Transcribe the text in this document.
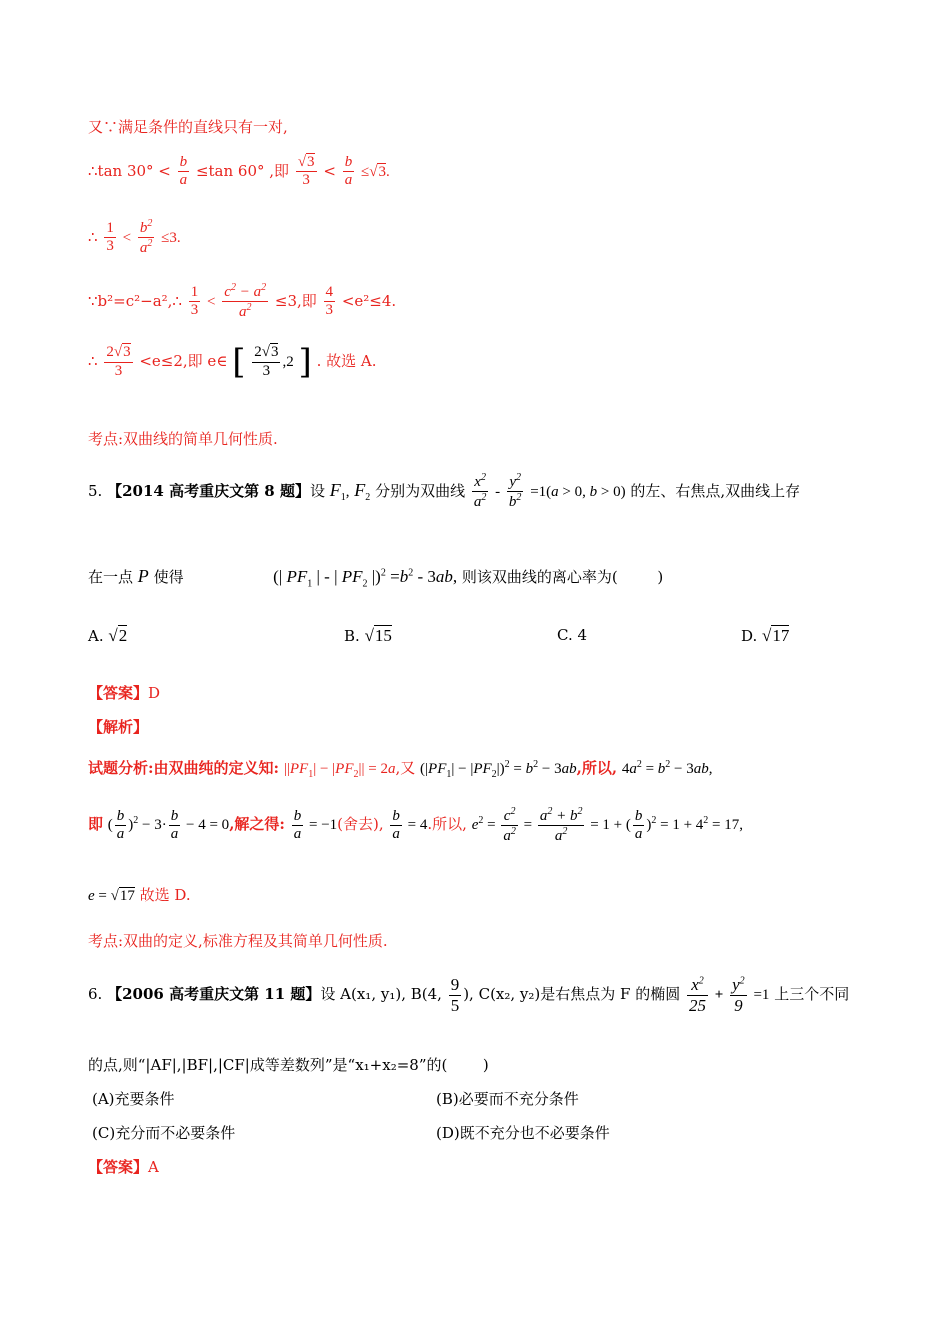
又∵满足条件的直线只有一对,
∴tan $30^\circ < \frac{b}{a} \le\tan$ 60° ,即 $\frac{√3}{3} < \frac{b}{a} \le√3$.
∴ $\frac{1}{3} < \frac{b^2}{a^2} \le 3$.
∵b²=c²−a²,∴ $\frac{1}{3} < \frac{c^2 - a^2}{a^2} \le 3$,即 $\frac{4}{3} <e^2\le 4$.
∴ $\frac{2√3}{3} <e\le 2$,即 e∈ [ $\frac{2√3}{3} ,2$ ] . 故选 A.
考点:双曲线的简单几何性质.
5. 【2014 高考重庆文第 8 题】设 $F_1$, $F_2$ 分别为双曲线 $\frac{x^2}{a^2} - \frac{y^2}{b^2} =1(a > 0$, b > 0) 的左、右焦点,双曲线上存
在一点 P 使得	(| $PF_1$ | - | $PF_2$ $|)^2 =b^2 - 3ab$, 则该双曲线的离心率为(	)
A. √2	B. √15	C. 4	D. √17
【答案】D
【解析】
试题分析:由双曲纯的定义知: $||PF_1| - |PF_2|| = 2a$,又 $(|PF_1| - |PF_2|)^2 = b^2 - 3ab$,所以, $4a^2 = b^2 - 3ab$,
即 ( $\frac{b}{a} )^2 - 3\cdot \frac{b}{a} - 4 = 0$,解之得: $\frac{b}{a} = -1$(舍去), $\frac{b}{a} = 4$.所以, $e^2 = \frac{c^2}{a^2} = \frac{a^2 + b^2}{a^2} = 1$ + ( $\frac{b}{a} )^2 = 1 + 4^2 = 17$,
e = √17 故选 D.
考点:双曲的定义,标准方程及其简单几何性质.
6. 【2006 高考重庆文第 11 题】设 A(x₁, y₁), B(4, $\frac{9}{5}$ ), C(x₂, y₂)是右焦点为 F 的椭圆 $\frac{x^2}{25} + \frac{y^2}{9} =1$ 上三个不同
的点,则“|AF|,|BF|,|CF|成等差数列”是“x₁+x₂=8”的( )
(A)充要条件	(B)必要而不充分条件
(C)充分而不必要条件	(D)既不充分也不必要条件
【答案】A
